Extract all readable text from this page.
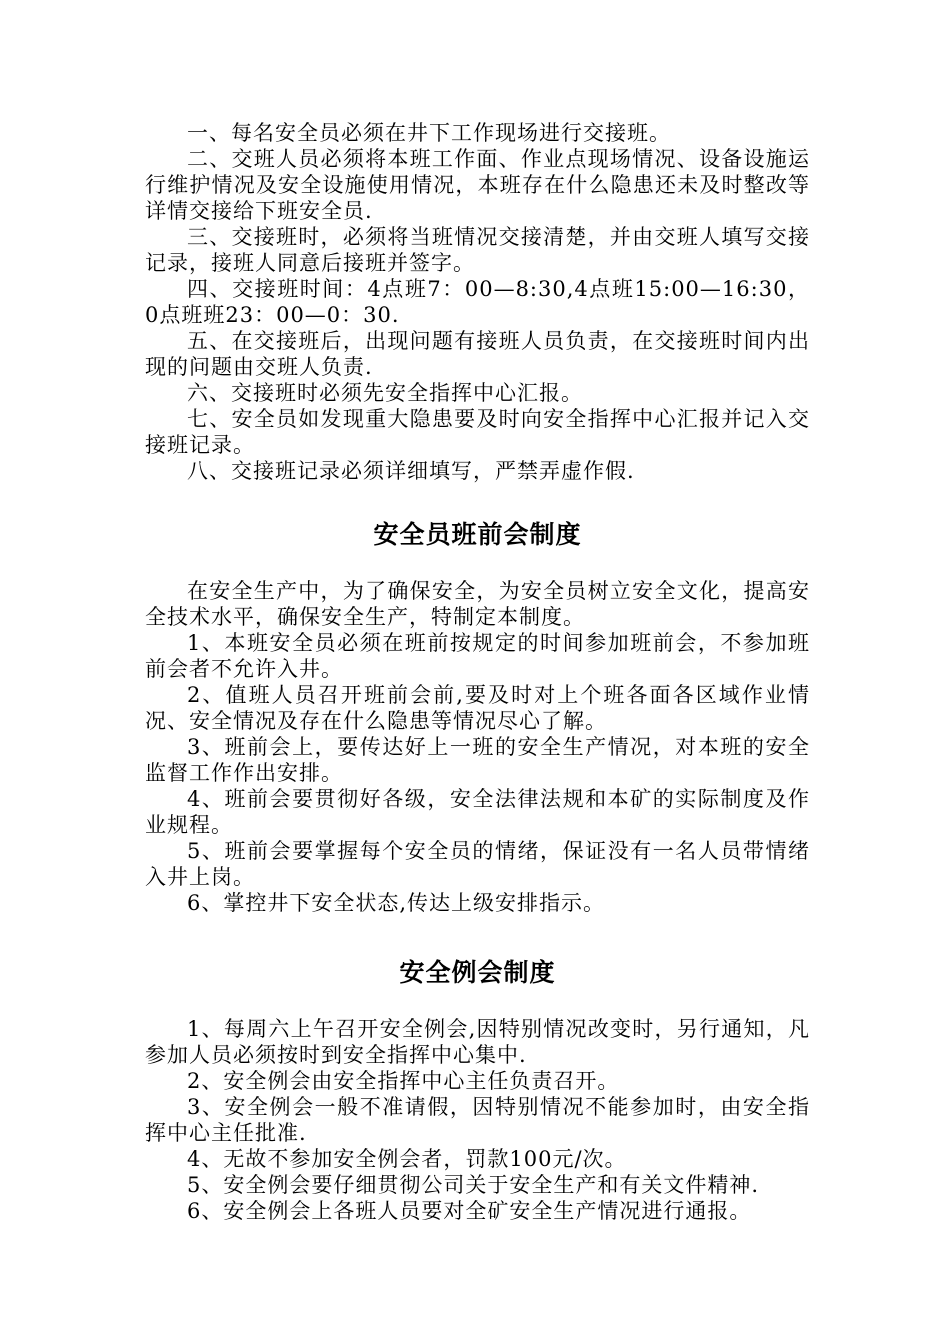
一、每名安全员必须在井下工作现场进行交接班。

二、交班人员必须将本班工作面、作业点现场情况、设备设施运行维护情况及安全设施使用情况，本班存在什么隐患还未及时整改等详情交接给下班安全员.

三、交接班时，必须将当班情况交接清楚，并由交班人填写交接记录，接班人同意后接班并签字。

四、交接班时间：4点班7：00—8:30,4点班15:00—16:30，0点班班23：00—0：30.

五、在交接班后，出现问题有接班人员负责，在交接班时间内出现的问题由交班人负责.

六、交接班时必须先安全指挥中心汇报。

七、安全员如发现重大隐患要及时向安全指挥中心汇报并记入交接班记录。

八、交接班记录必须详细填写，严禁弄虚作假.

安全员班前会制度

在安全生产中，为了确保安全，为安全员树立安全文化，提高安全技术水平，确保安全生产，特制定本制度。

1、本班安全员必须在班前按规定的时间参加班前会，不参加班前会者不允许入井。

2、值班人员召开班前会前,要及时对上个班各面各区域作业情况、安全情况及存在什么隐患等情况尽心了解。

3、班前会上，要传达好上一班的安全生产情况，对本班的安全监督工作作出安排。

4、班前会要贯彻好各级，安全法律法规和本矿的实际制度及作业规程。

5、班前会要掌握每个安全员的情绪，保证没有一名人员带情绪入井上岗。

6、掌控井下安全状态,传达上级安排指示。

安全例会制度

1、每周六上午召开安全例会,因特别情况改变时，另行通知，凡参加人员必须按时到安全指挥中心集中.

2、安全例会由安全指挥中心主任负责召开。

3、安全例会一般不准请假，因特别情况不能参加时，由安全指挥中心主任批准.

4、无故不参加安全例会者，罚款100元/次。

5、安全例会要仔细贯彻公司关于安全生产和有关文件精神.

6、安全例会上各班人员要对全矿安全生产情况进行通报。
